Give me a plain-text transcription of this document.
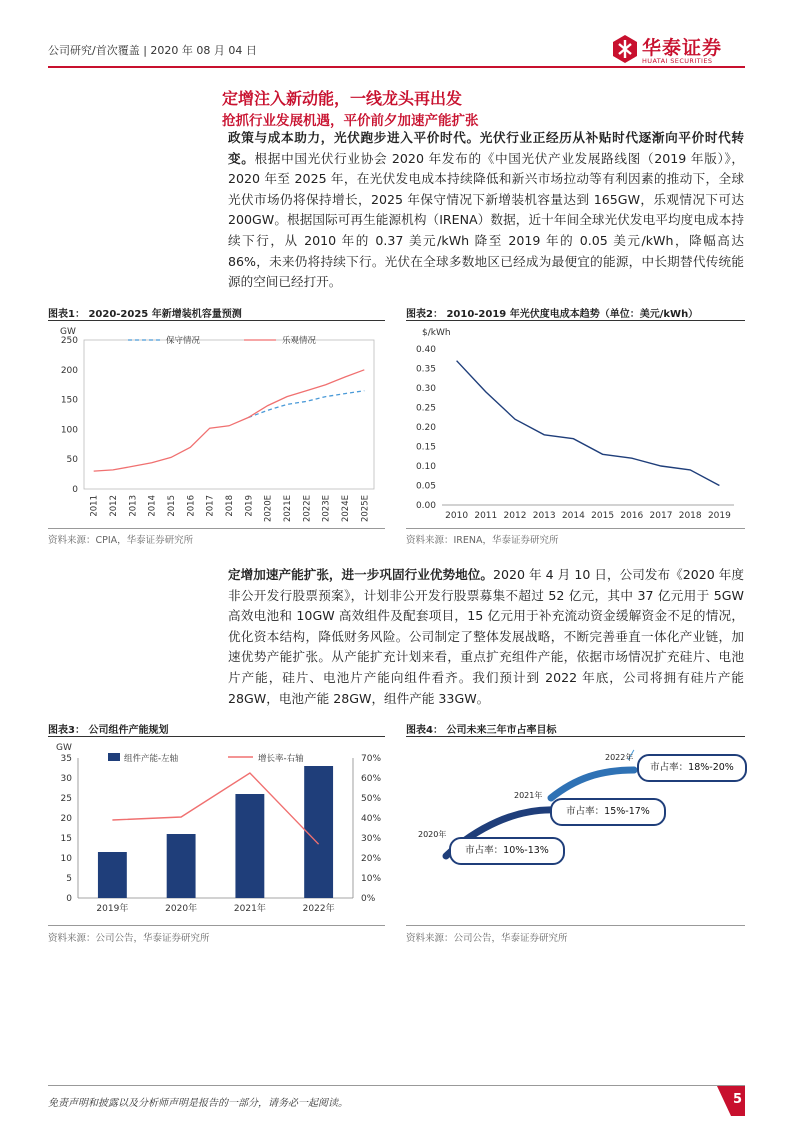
公司研究/首次覆盖 | 2020 年 08 月 04 日	华泰证券
HUATAI SECURITIES
定增注入新动能，一线龙头再出发
抢抓行业发展机遇，平价前夕加速产能扩张
政策与成本助力，光伏跑步进入平价时代。光伏行业正经历从补贴时代逐渐向平价时代转变。根据中国光伏行业协会 2020 年发布的《中国光伏产业发展路线图（2019 年版）》，2020 年至 2025 年，在光伏发电成本持续降低和新兴市场拉动等有利因素的推动下，全球光伏市场仍将保持增长，2025 年保守情况下新增装机容量达到 165GW，乐观情况下可达 200GW。根据国际可再生能源机构（IRENA）数据，近十年间全球光伏发电平均度电成本持续下行，从 2010 年的 0.37 美元/kWh 降至 2019 年的 0.05 美元/kWh，降幅高达 86%，未来仍将持续下行。光伏在全球多数地区已经成为最便宜的能源，中长期替代传统能源的空间已经打开。
图表1： 2020-2025 年新增装机容量预测
GW
0
50
100
150
200
250
2011 2012 2013 2014 2015 2016 2017 2018 2019 2020E 2021E 2022E 2023E 2024E 2025E
保守情况	乐观情况
资料来源：CPIA，华泰证券研究所
图表2： 2010-2019 年光伏度电成本趋势（单位：美元/kWh）
$/kWh
0.00
0.05
0.10
0.15
0.20
0.25
0.30
0.35
0.40
2010 2011 2012 2013 2014 2015 2016 2017 2018 2019
资料来源：IRENA，华泰证券研究所
定增加速产能扩张，进一步巩固行业优势地位。2020 年 4 月 10 日，公司发布《2020 年度非公开发行股票预案》，计划非公开发行股票募集不超过 52 亿元，其中 37 亿元用于 5GW 高效电池和 10GW 高效组件及配套项目，15 亿元用于补充流动资金缓解资金不足的情况，优化资本结构，降低财务风险。公司制定了整体发展战略，不断完善垂直一体化产业链，加速优势产能扩张。从产能扩充计划来看，重点扩充组件产能，依据市场情况扩充硅片、电池片产能，硅片、电池片产能向组件看齐。我们预计到 2022 年底，公司将拥有硅片产能 28GW，电池产能 28GW，组件产能 33GW。
图表3： 公司组件产能规划
GW
0
5
10
15
20
25
30
35
0%
10%
20%
30%
40%
50%
60%
70%
2019年	2020年	2021年	2022年
组件产能-左轴	增长率-右轴
资料来源：公司公告，华泰证券研究所
图表4： 公司未来三年市占率目标
2020年
市占率：10%-13%
2021年
市占率：15%-17%
2022年
市占率：18%-20%
资料来源：公司公告，华泰证券研究所
免责声明和披露以及分析师声明是报告的一部分，请务必一起阅读。	5
